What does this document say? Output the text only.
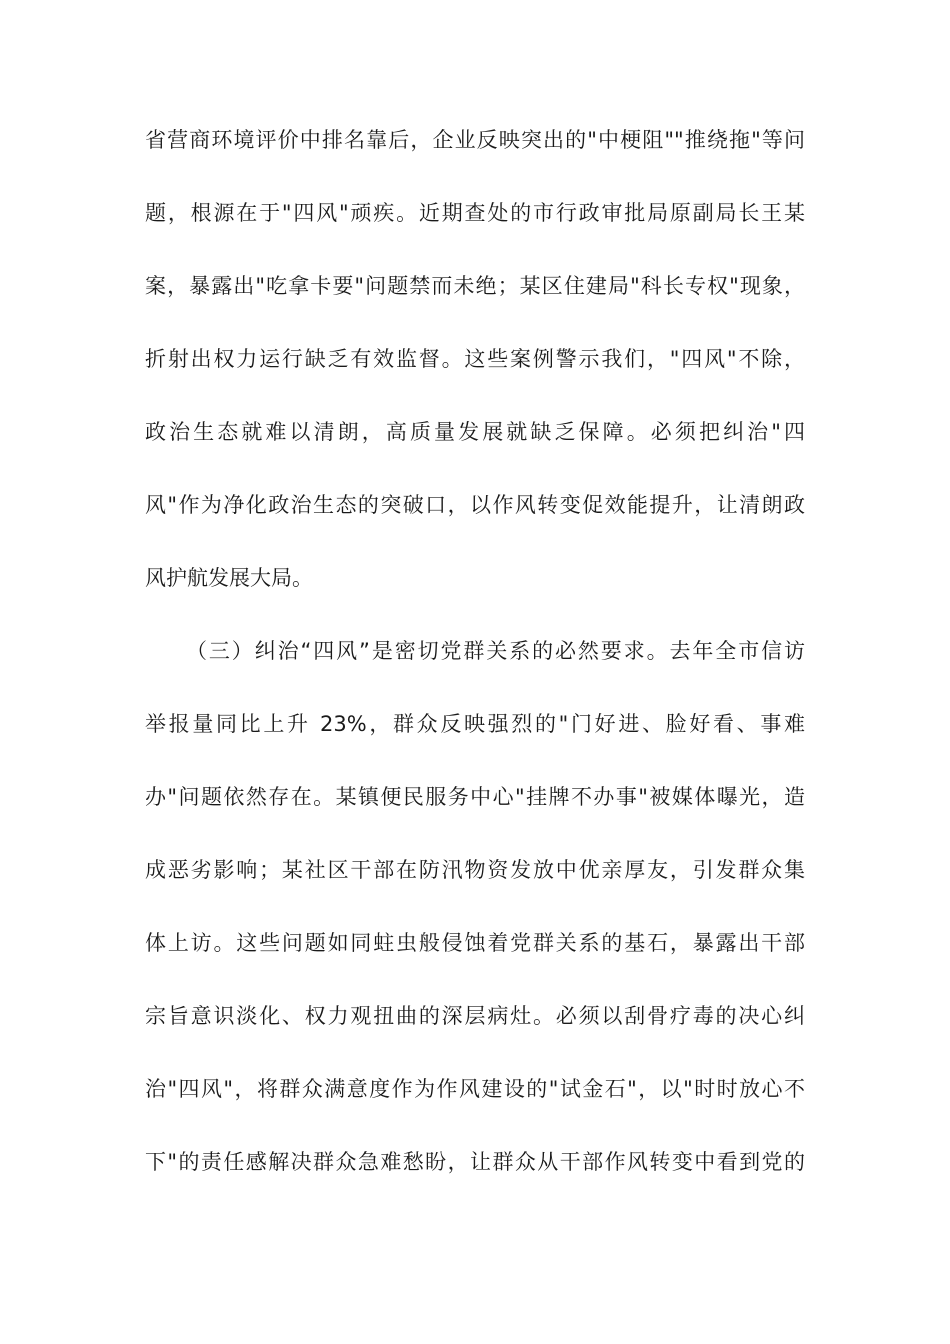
省营商环境评价中排名靠后，企业反映突出的"中梗阻""推绕拖"等问
题，根源在于"四风"顽疾。近期查处的市行政审批局原副局长王某
案，暴露出"吃拿卡要"问题禁而未绝；某区住建局"科长专权"现象，
折射出权力运行缺乏有效监督。这些案例警示我们，"四风"不除，
政治生态就难以清朗，高质量发展就缺乏保障。必须把纠治"四
风"作为净化政治生态的突破口，以作风转变促效能提升，让清朗政
风护航发展大局。
（三）纠治“四风”是密切党群关系的必然要求。去年全市信访
举报量同比上升 23%，群众反映强烈的"门好进、脸好看、事难
办"问题依然存在。某镇便民服务中心"挂牌不办事"被媒体曝光，造
成恶劣影响；某社区干部在防汛物资发放中优亲厚友，引发群众集
体上访。这些问题如同蛀虫般侵蚀着党群关系的基石，暴露出干部
宗旨意识淡化、权力观扭曲的深层病灶。必须以刮骨疗毒的决心纠
治"四风"，将群众满意度作为作风建设的"试金石"，以"时时放心不
下"的责任感解决群众急难愁盼，让群众从干部作风转变中看到党的
